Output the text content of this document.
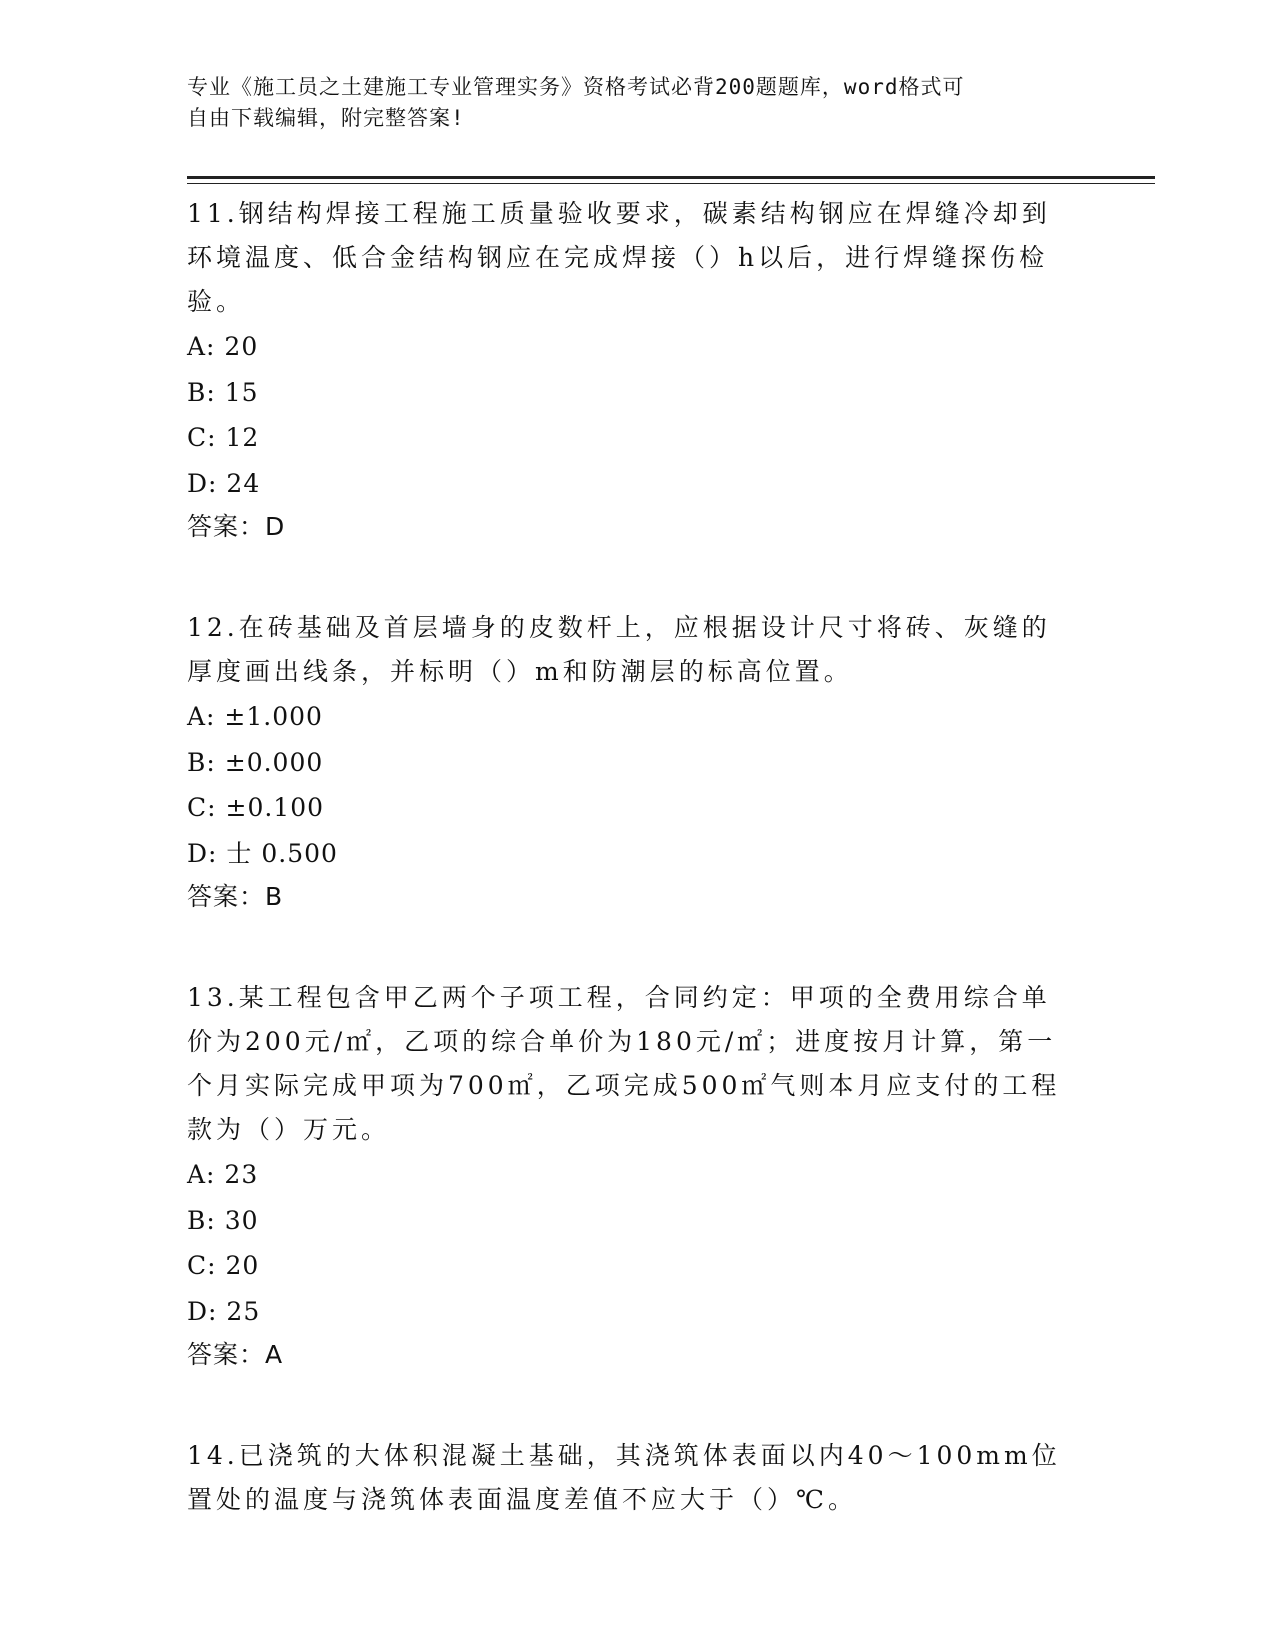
专业《施工员之土建施工专业管理实务》资格考试必背200题题库，word格式可
自由下载编辑，附完整答案!

11.钢结构焊接工程施工质量验收要求，碳素结构钢应在焊缝冷却到环境温度、低合金结构钢应在完成焊接（）h以后，进行焊缝探伤检验。

A: 20

B: 15

C: 12

D: 24

答案：D

12.在砖基础及首层墙身的皮数杆上，应根据设计尺寸将砖、灰缝的厚度画出线条，并标明（）m和防潮层的标高位置。

A: ±1.000

B: ±0.000

C: ±0.100

D: 士 0.500

答案：B

13.某工程包含甲乙两个子项工程，合同约定：甲项的全费用综合单价为200元/㎡，乙项的综合单价为180元/㎡；进度按月计算，第一个月实际完成甲项为700㎡，乙项完成500㎡气则本月应支付的工程款为（）万元。

A: 23

B: 30

C: 20

D: 25

答案：A

14.已浇筑的大体积混凝土基础，其浇筑体表面以内40～100mm位置处的温度与浇筑体表面温度差值不应大于（）℃。
